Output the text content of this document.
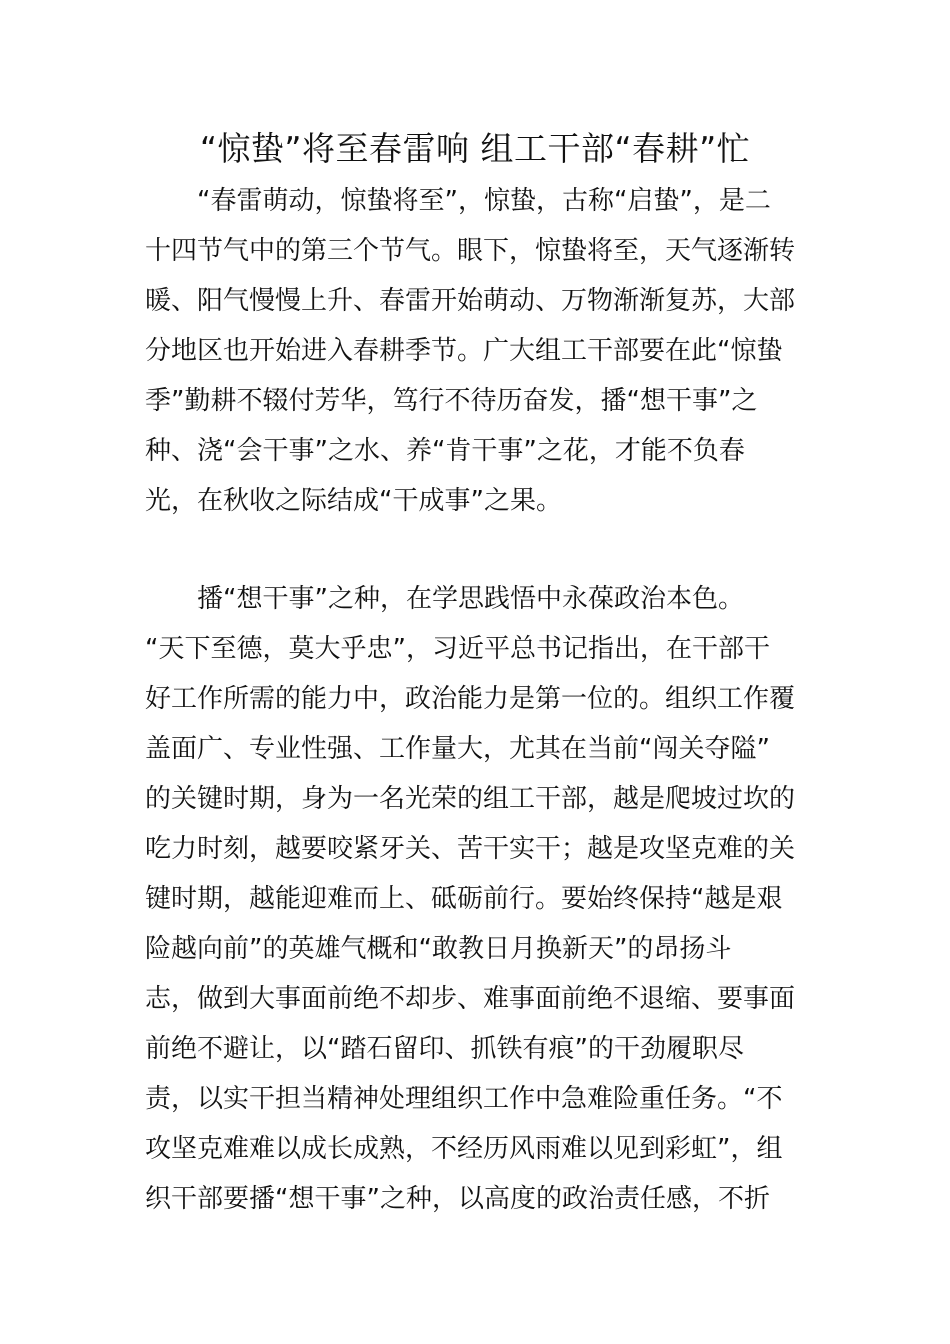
“惊蛰”将至春雷响 组工干部“春耕”忙
　　“春雷萌动，惊蛰将至”，惊蛰，古称“启蛰”，是二
十四节气中的第三个节气。眼下，惊蛰将至，天气逐渐转
暖、阳气慢慢上升、春雷开始萌动、万物渐渐复苏，大部
分地区也开始进入春耕季节。广大组工干部要在此“惊蛰
季”勤耕不辍付芳华，笃行不待历奋发，播“想干事”之
种、浇“会干事”之水、养“肯干事”之花，才能不负春
光，在秋收之际结成“干成事”之果。
　　播“想干事”之种，在学思践悟中永葆政治本色。
“天下至德，莫大乎忠”，习近平总书记指出，在干部干
好工作所需的能力中，政治能力是第一位的。组织工作覆
盖面广、专业性强、工作量大，尤其在当前“闯关夺隘”
的关键时期，身为一名光荣的组工干部，越是爬坡过坎的
吃力时刻，越要咬紧牙关、苦干实干；越是攻坚克难的关
键时期，越能迎难而上、砥砺前行。要始终保持“越是艰
险越向前”的英雄气概和“敢教日月换新天”的昂扬斗
志，做到大事面前绝不却步、难事面前绝不退缩、要事面
前绝不避让，以“踏石留印、抓铁有痕”的干劲履职尽
责，以实干担当精神处理组织工作中急难险重任务。“不
攻坚克难难以成长成熟，不经历风雨难以见到彩虹”，组
织干部要播“想干事”之种，以高度的政治责任感，不折
